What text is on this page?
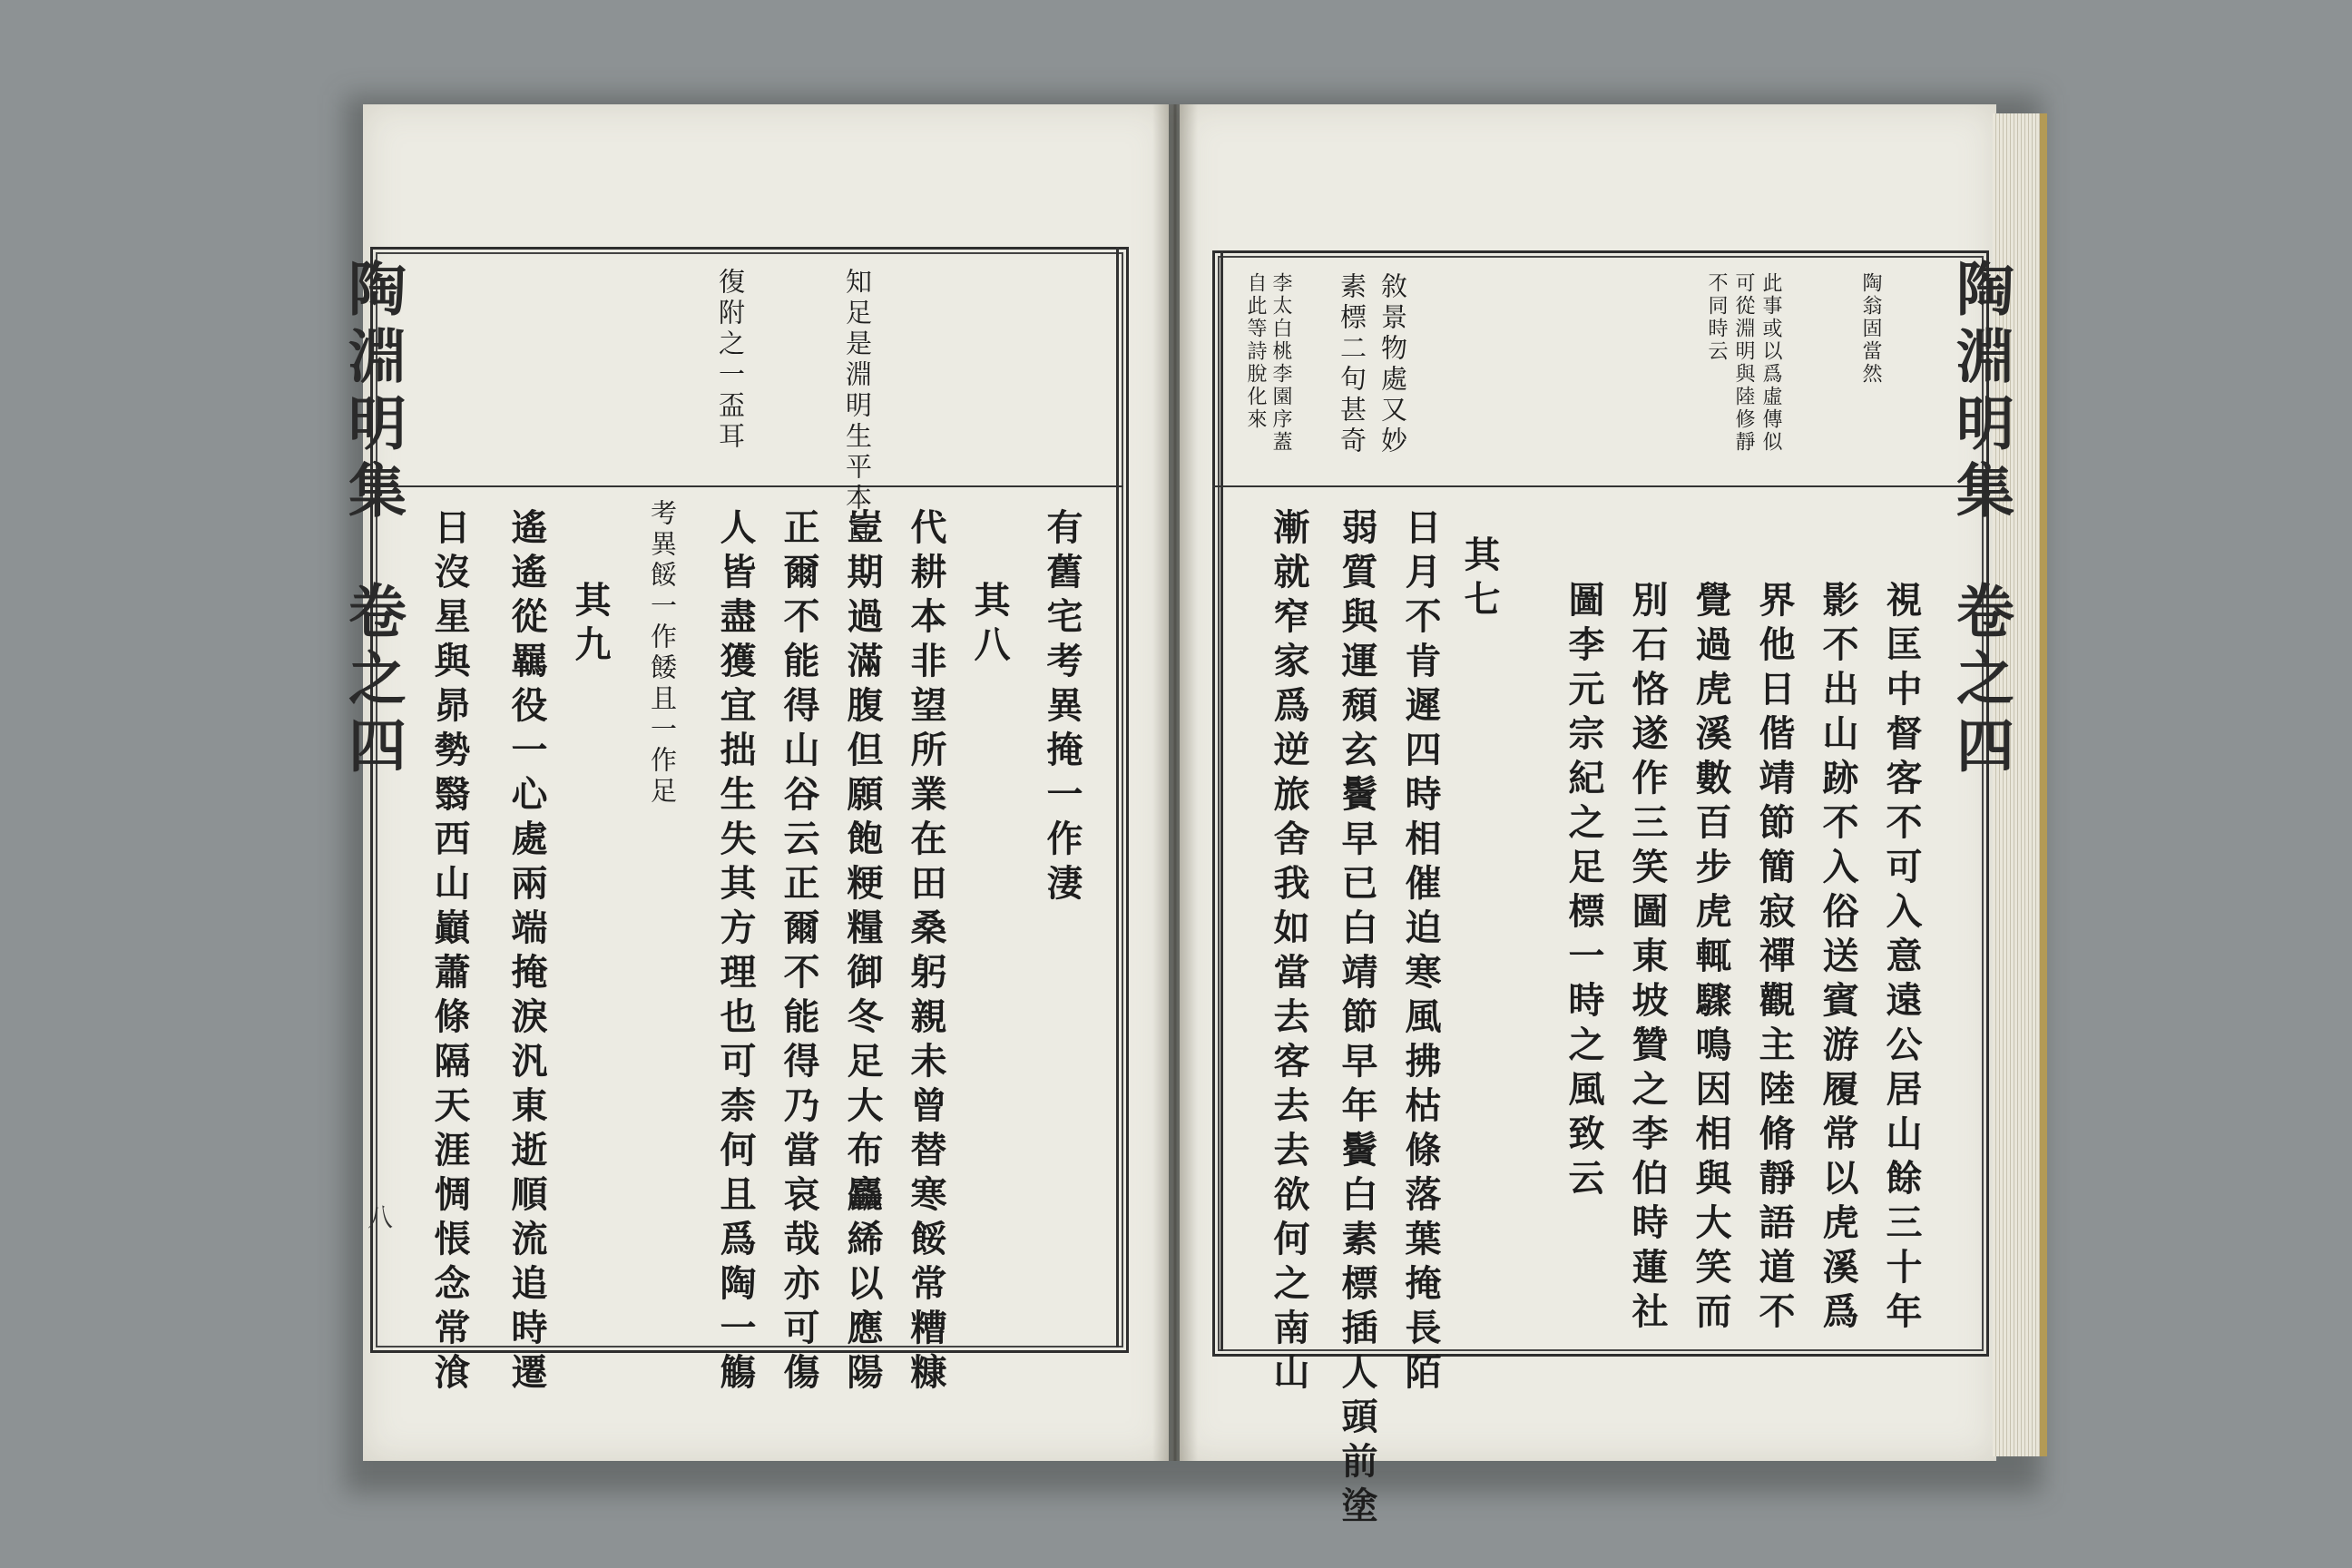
陶淵明集
卷之四
八
知足是淵明生平本旨
復附之一盃耳
有舊宅考異掩一作淒
其八
代耕本非望所業在田桑躬親未曾替寒餒常糟糠
豈期過滿腹但願飽粳糧御冬足大布麤絺以應陽
正爾不能得山谷云正爾不能得乃當哀哉亦可傷
人皆盡獲宜拙生失其方理也可柰何且爲陶一觴
考異餒一作餧且一作足
其九
遙遙從羈役一心處兩端掩淚汎東逝順流追時遷
日沒星與昴勢翳西山巓蕭條隔天涯惆悵念常湌
陶淵明集
卷之四
陶翁固當然
此事或以爲虛傳似
可從淵明與陸修靜
不同時云
敘景物處又妙
素標二句甚奇
李太白桃李園序蓋
自此等詩脫化來
視匡中督客不可入意遠公居山餘三十年
影不出山跡不入俗送賓游履常以虎溪爲
界他日偕靖節簡寂禪觀主陸脩靜語道不
覺過虎溪數百步虎輒驟鳴因相與大笑而
別石恪遂作三笑圖東坡贊之李伯時蓮社
圖李元宗紀之足標一時之風致云
其七
日月不肯遲四時相催迫寒風拂枯條落葉掩長陌
弱質與運頹玄鬢早已白靖節早年鬢白素標插人頭前塗
漸就窄家爲逆旅舍我如當去客去去欲何之南山
